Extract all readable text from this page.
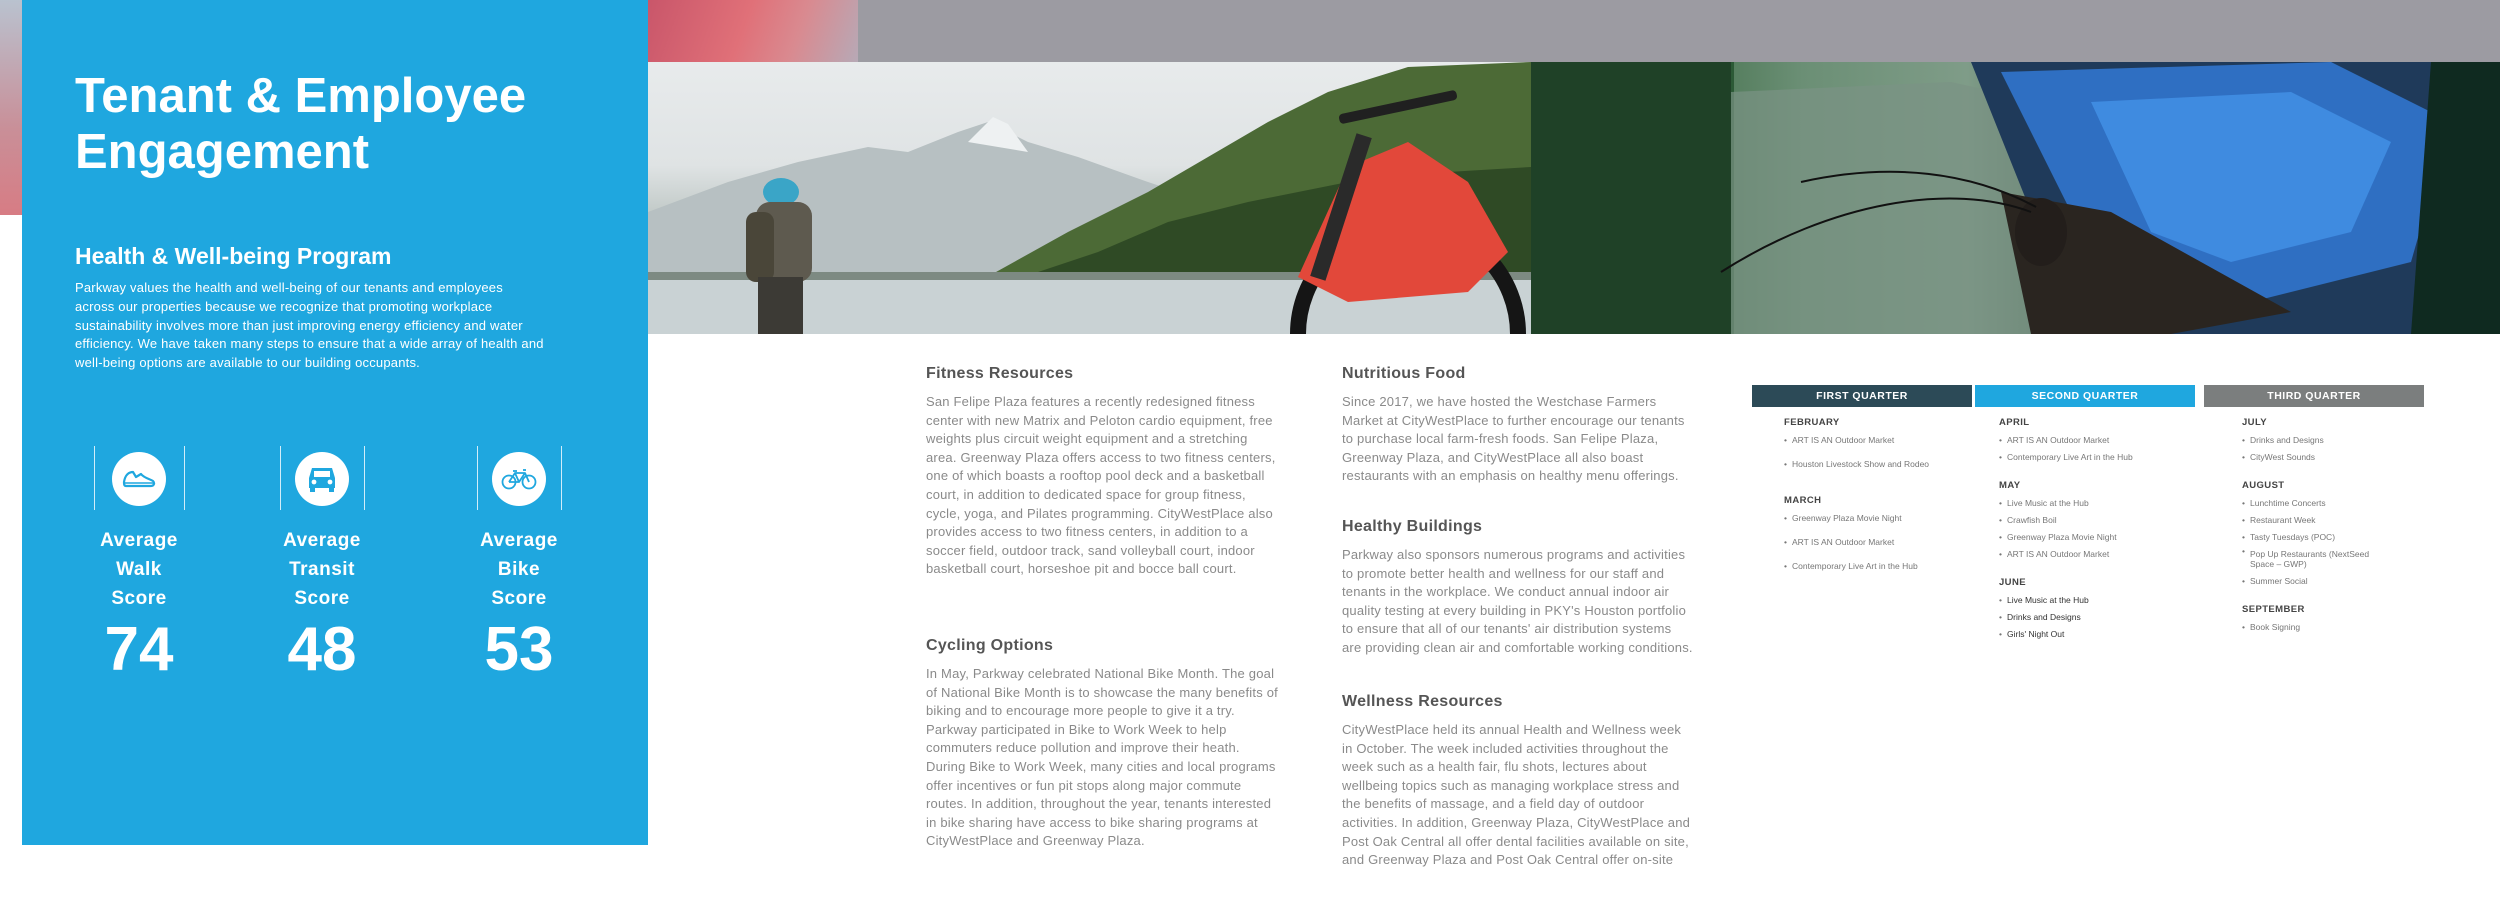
Tenant & Employee Engagement
Health & Well-being Program
Parkway values the health and well-being of our tenants and employees across our properties because we recognize that promoting workplace sustainability involves more than just improving energy efficiency and water efficiency. We have taken many steps to ensure that a wide array of health and well-being options are available to our building occupants.
Average
Walk
Score
74
Average
Transit
Score
48
Average
Bike
Score
53
Fitness Resources

San Felipe Plaza features a recently redesigned fitness center with new Matrix and Peloton cardio equipment, free weights plus circuit weight equipment and a stretching area. Greenway Plaza offers access to two fitness centers, one of which boasts a rooftop pool deck and a basketball court, in addition to dedicated space for group fitness, cycle, yoga, and Pilates programming. CityWestPlace also provides access to two fitness centers, in addition to a soccer field, outdoor track, sand volleyball court, indoor basketball court, horseshoe pit and bocce ball court.

Cycling Options

In May, Parkway celebrated National Bike Month. The goal of National Bike Month is to showcase the many benefits of biking and to encourage more people to give it a try. Parkway participated in Bike to Work Week to help commuters reduce pollution and improve their heath. During Bike to Work Week, many cities and local programs offer incentives or fun pit stops along major commute routes. In addition, throughout the year, tenants interested in bike sharing have access to bike sharing programs at CityWestPlace and Greenway Plaza.

Nutritious Food

Since 2017, we have hosted the Westchase Farmers Market at CityWestPlace to further encourage our tenants to purchase local farm-fresh foods. San Felipe Plaza, Greenway Plaza, and CityWestPlace all also boast restaurants with an emphasis on healthy menu offerings.

Healthy Buildings

Parkway also sponsors numerous programs and activities to promote better health and wellness for our staff and tenants in the workplace. We conduct annual indoor air quality testing at every building in PKY's Houston portfolio to ensure that all of our tenants' air distribution systems are providing clean air and comfortable working conditions.

Wellness Resources

CityWestPlace held its annual Health and Wellness week in October. The week included activities throughout the week such as a health fair, flu shots, lectures about wellbeing topics such as managing workplace stress and the benefits of massage, and a field day of outdoor activities. In addition, Greenway Plaza, CityWestPlace and Post Oak Central all offer dental facilities available on site, and Greenway Plaza and Post Oak Central offer on-site

FIRST QUARTER
FEBRUARY
• ART IS AN Outdoor Market
• Houston Livestock Show and Rodeo
MARCH
• Greenway Plaza Movie Night
• ART IS AN Outdoor Market
• Contemporary Live Art in the Hub
SECOND QUARTER
APRIL
• ART IS AN Outdoor Market
• Contemporary Live Art in the Hub
MAY
• Live Music at the Hub
• Crawfish Boil
• Greenway Plaza Movie Night
• ART IS AN Outdoor Market
JUNE
• Live Music at the Hub
• Drinks and Designs
• Girls' Night Out
THIRD QUARTER
JULY
• Drinks and Designs
• CityWest Sounds
AUGUST
• Lunchtime Concerts
• Restaurant Week
• Tasty Tuesdays (POC)
• Pop Up Restaurants (NextSeed Space – GWP)
• Summer Social
SEPTEMBER
• Book Signing
